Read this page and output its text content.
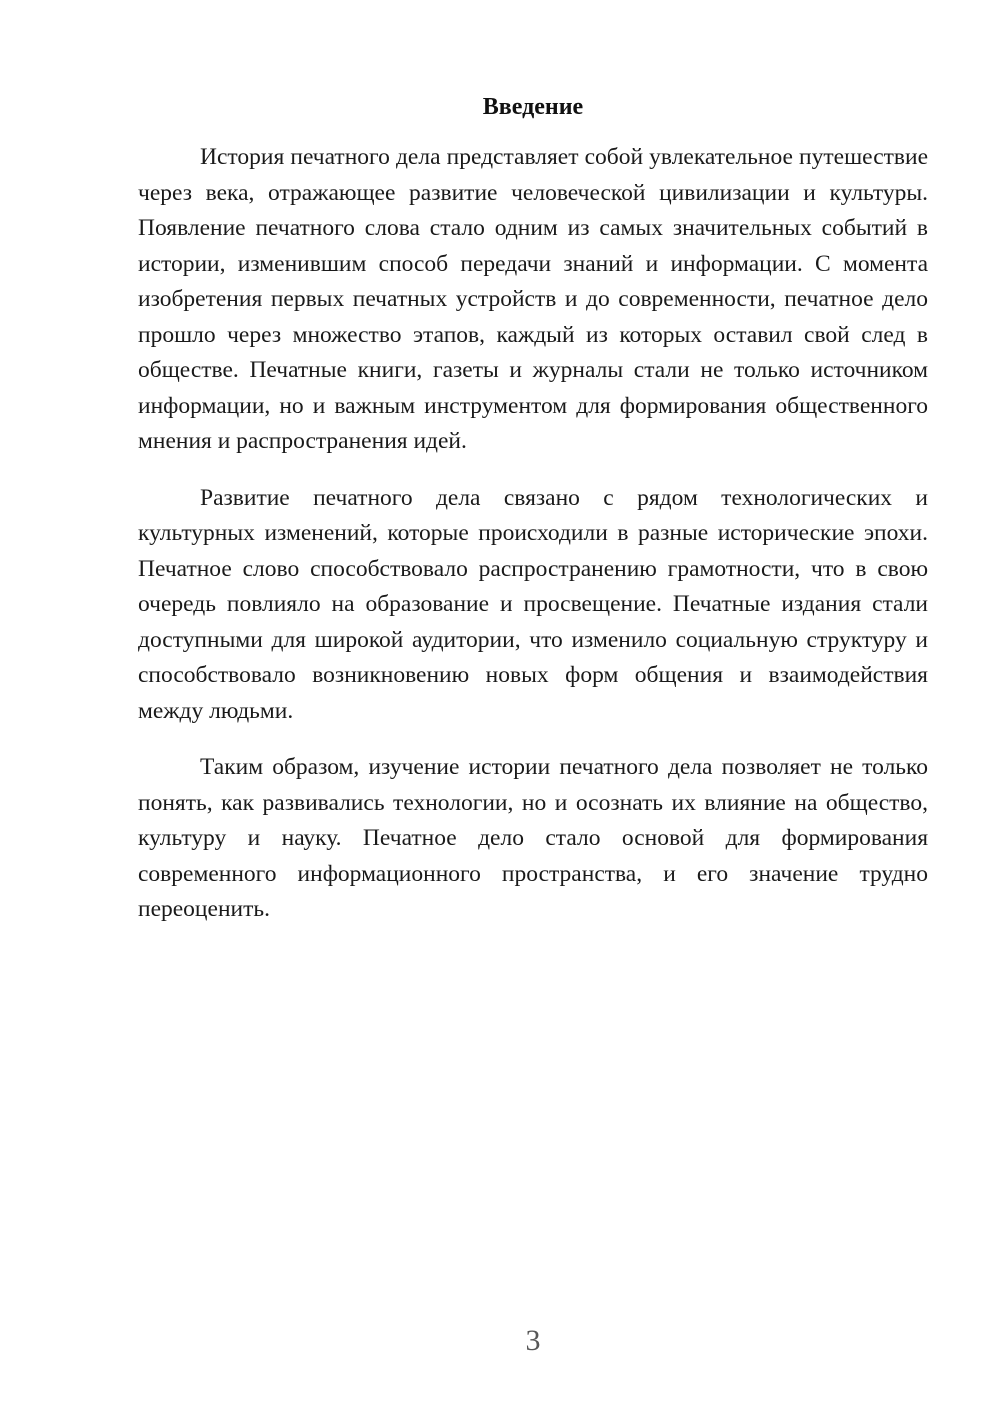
Введение

История печатного дела представляет собой увлекательное путешествие через века, отражающее развитие человеческой цивилизации и культуры. Появление печатного слова стало одним из самых значительных событий в истории, изменившим способ передачи знаний и информации. С момента изобретения первых печатных устройств и до современности, печатное дело прошло через множество этапов, каждый из которых оставил свой след в обществе. Печатные книги, газеты и журналы стали не только источником информации, но и важным инструментом для формирования общественного мнения и распространения идей.

Развитие печатного дела связано с рядом технологических и культурных изменений, которые происходили в разные исторические эпохи. Печатное слово способствовало распространению грамотности, что в свою очередь повлияло на образование и просвещение. Печатные издания стали доступными для широкой аудитории, что изменило социальную структуру и способствовало возникновению новых форм общения и взаимодействия между людьми.

Таким образом, изучение истории печатного дела позволяет не только понять, как развивались технологии, но и осознать их влияние на общество, культуру и науку. Печатное дело стало основой для формирования современного информационного пространства, и его значение трудно переоценить.

3
